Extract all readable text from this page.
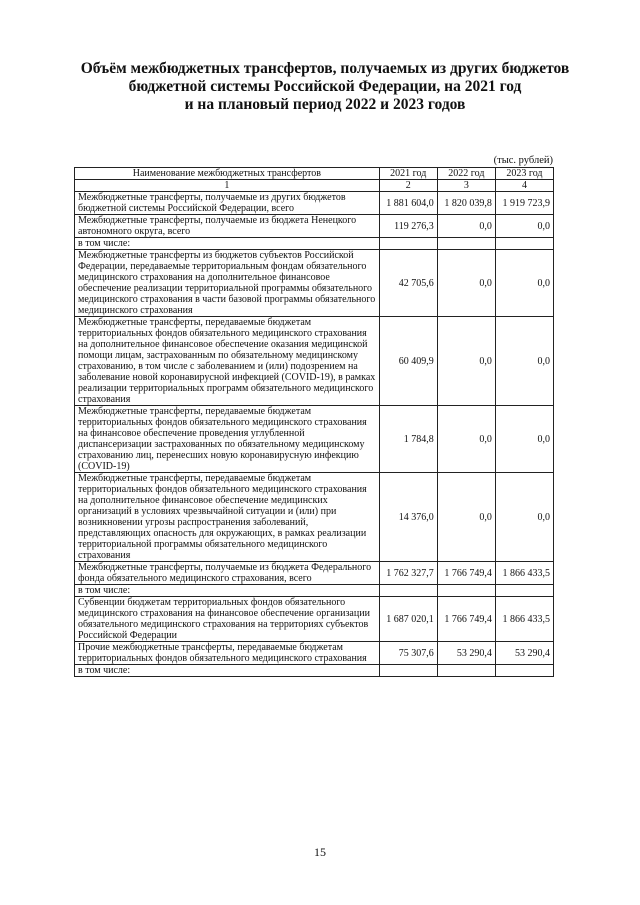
Объём межбюджетных трансфертов, получаемых из других бюджетов
бюджетной системы Российской Федерации, на 2021 год
и на плановый период 2022 и 2023 годов
(тыс. рублей)
Наименование межбюджетных трансфертов	2021 год	2022 год	2023 год
1	2	3	4
Межбюджетные трансферты, получаемые из других бюджетов бюджетной системы Российской Федерации, всего	1 881 604,0	1 820 039,8	1 919 723,9
Межбюджетные трансферты, получаемые из бюджета Ненецкого автономного округа, всего	119 276,3	0,0	0,0
в том числе:			
Межбюджетные трансферты из бюджетов субъектов Российской Федерации, передаваемые территориальным фондам обязательного медицинского страхования на дополнительное финансовое обеспечение реализации территориальной программы обязательного медицинского страхования в части базовой программы обязательного медицинского страхования	42 705,6	0,0	0,0
Межбюджетные трансферты, передаваемые бюджетам территориальных фондов обязательного медицинского страхования на дополнительное финансовое обеспечение оказания медицинской помощи лицам, застрахованным по обязательному медицинскому страхованию, в том числе с заболеванием и (или) подозрением на заболевание новой коронавирусной инфекцией (COVID-19), в рамках реализации территориальных программ обязательного медицинского страхования	60 409,9	0,0	0,0
Межбюджетные трансферты, передаваемые бюджетам территориальных фондов обязательного медицинского страхования на финансовое обеспечение проведения углубленной диспансеризации застрахованных по обязательному медицинскому страхованию лиц, перенесших новую коронавирусную инфекцию (COVID-19)	1 784,8	0,0	0,0
Межбюджетные трансферты, передаваемые бюджетам территориальных фондов обязательного медицинского страхования на дополнительное финансовое обеспечение медицинских организаций в условиях чрезвычайной ситуации и (или) при возникновении угрозы распространения заболеваний, представляющих опасность для окружающих, в рамках реализации территориальной программы обязательного медицинского страхования	14 376,0	0,0	0,0
Межбюджетные трансферты, получаемые из бюджета Федерального фонда обязательного медицинского страхования, всего	1 762 327,7	1 766 749,4	1 866 433,5
в том числе:			
Субвенции бюджетам территориальных фондов обязательного медицинского страхования на финансовое обеспечение организации обязательного медицинского страхования на территориях субъектов Российской Федерации	1 687 020,1	1 766 749,4	1 866 433,5
Прочие межбюджетные трансферты, передаваемые бюджетам территориальных фондов обязательного медицинского страхования	75 307,6	53 290,4	53 290,4
в том числе:			
15
